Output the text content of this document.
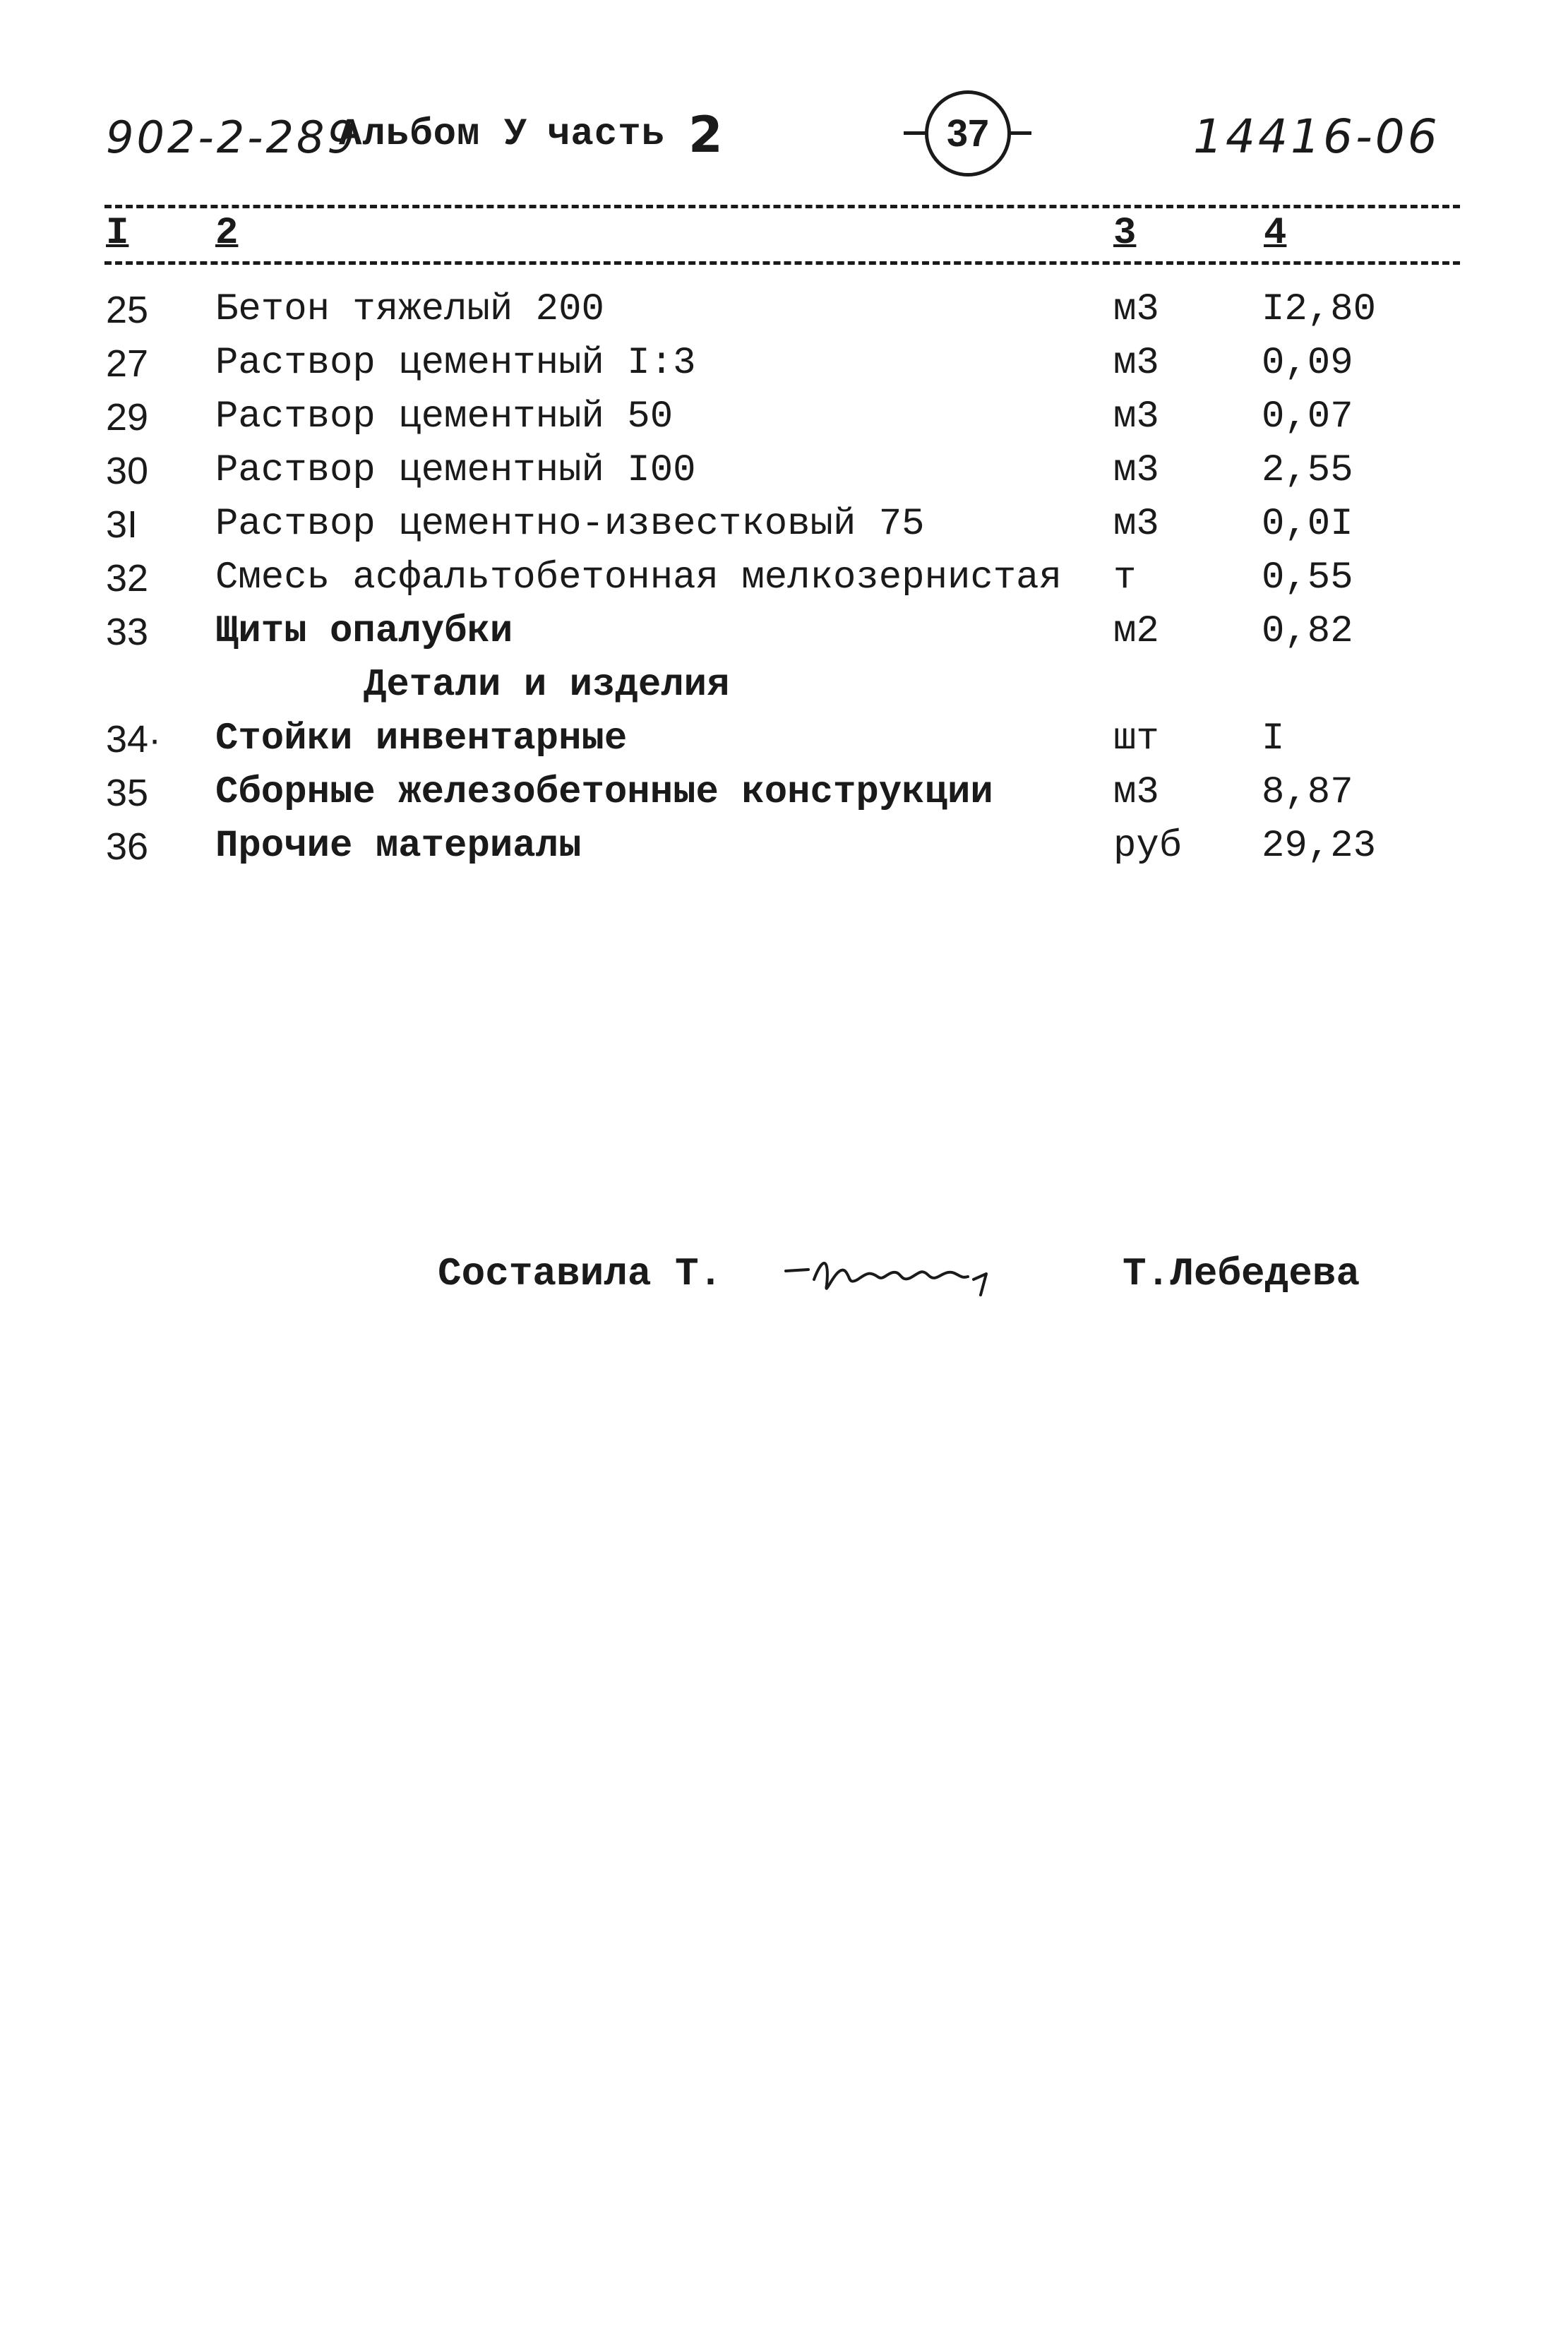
902-2-289
Альбом У часть 2	37	14416-06
I 2	3	4
25 Бетон тяжелый 200	м3	I2,80
27 Раствор цементный I:3	м3	0,09
29 Раствор цементный 50	м3	0,07
30 Раствор цементный I00	м3	2,55
3I Раствор цементно-известковый 75	м3	0,0I
32 Смесь асфальтобетонная мелкозернистая т	0,55
33 Щиты опалубки	м2	0,82
Детали и изделия
34· Стойки инвентарные	шт	I
35 Сборные железобетонные конструкции	м3	8,87
36 Прочие материалы	руб 29,23
Составила Т.	Т.Лебедева
